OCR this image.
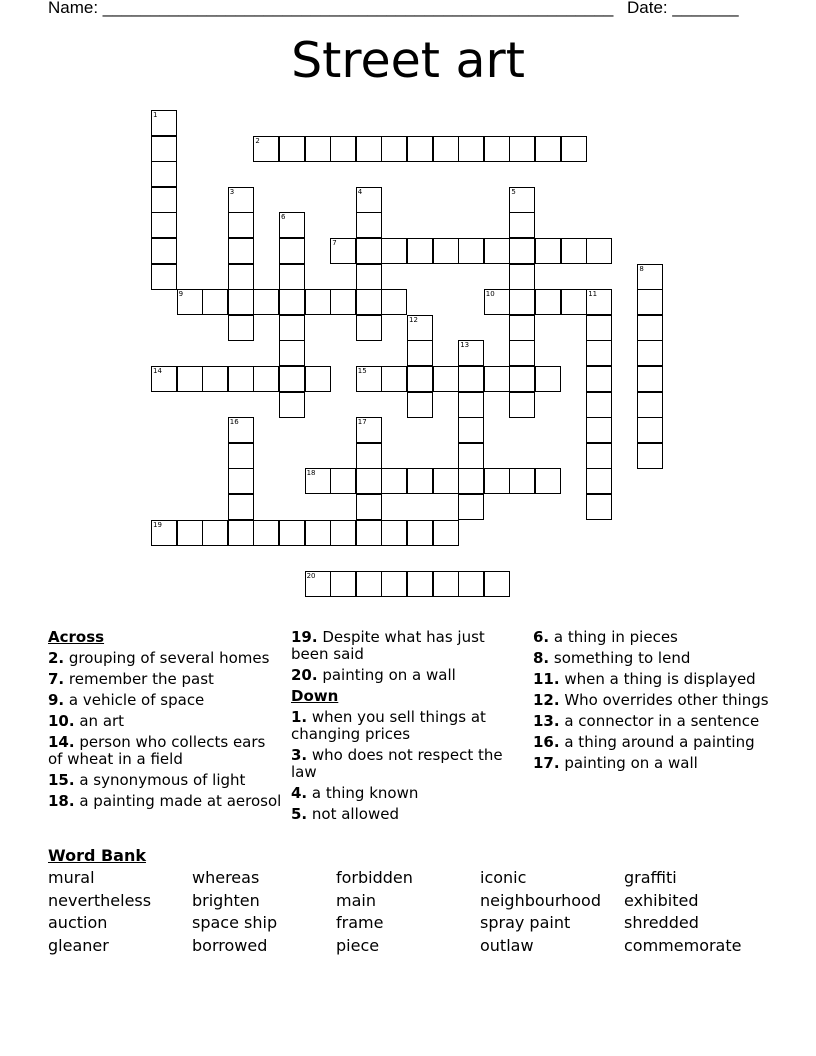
Name: ______________________________________________________ Date: _______
Street art
1
2
3	4	5
6
7
8
9	10	11
12
13
14	15
16	17
18
19
20
Across
2. grouping of several homes
7. remember the past
9. a vehicle of space
10. an art
14. person who collects ears of wheat in a field
15. a synonymous of light
18. a painting made at aerosol
19. Despite what has just been said
20. painting on a wall
Down
1. when you sell things at changing prices
3. who does not respect the law
4. a thing known
5. not allowed
6. a thing in pieces
8. something to lend
11. when a thing is displayed
12. Who overrides other things
13. a connector in a sentence
16. a thing around a painting
17. painting on a wall
Word Bank
mural
nevertheless
auction
gleaner
whereas
brighten
space ship
borrowed
forbidden
main
frame
piece
iconic
neighbourhood
spray paint
outlaw
graffiti
exhibited
shredded
commemorate
